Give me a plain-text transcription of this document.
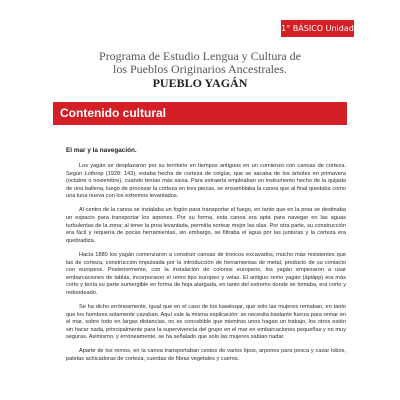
1° BÁSICO Unidad 2
Programa de Estudio Lengua y Cultura de
los Pueblos Originarios Ancestrales.
PUEBLO YAGÁN
Contenido cultural
El mar y la navegación.

Los yagán se desplazaron por su territorio en tiempos antiguos en un comienzo con canoas de corteza. Según Lothrop (1928: 143), estaba hecha de corteza de coigüe, que se sacaba de los árboles en primavera (octubre o noviembre), cuando tenían más savia. Para extraerla empleaban un instrumento hecho de la quijada de una ballena, luego de procesar la corteza en tres piezas, se ensamblaba la canoa que al final quedaba como una luna nueva con los extremos levantados.

Al centro de la canoa se instalaba un fogón para transportar el fuego, en tanto que en la proa se destinaba un espacio para transportar los arpones. Por su forma, esta canoa era apta para navegar en las aguas turbulentas de la zona; al tener la proa levantada, permitía sortear mejor las olas. Por otra parte, su construcción era fácil y requería de pocas herramientas, sin embargo, se filtraba el agua por las junturas y la corteza era quebradiza.

Hacia 1880 los yagán comenzaron a construir canoas de troncos excavados, mucho más resistentes que las de corteza, construcción impulsada por la introducción de herramientas de metal, producto de su contacto con europeos. Posteriormente, con la instalación de colonos europeos, los yagán empezaron a usar embarcaciones de tablas, incorporaron el remo tipo europeo y velas. El antiguo remo yagán (āpiāpp) era más corto y tenía su parte sumergible en forma de hoja alargada, en tanto del extremo donde se tomaba, era corto y redondeado.

Se ha dicho erróneamente, igual que en el caso de los kawésqar, que solo las mujeres remaban, en tanto que los hombres solamente cazaban. Aquí vale la misma explicación: se necesita bastante fuerza para remar en el mar, sobre todo en largas distancias, no es concebible que mientras unos hagan un trabajo, los otros estén sin hacer nada, principalmente para la supervivencia del grupo en el mar en embarcaciones pequeñas y no muy seguras. Asimismo, y erróneamente, se ha señalado que solo las mujeres sabían nadar.

Aparte de los remos, en la canoa transportaban cestos de varios tipos, arpones para pesca y cazar lobos, paletas achicadoras de corteza, cuerdas de fibras vegetales y cueros.
